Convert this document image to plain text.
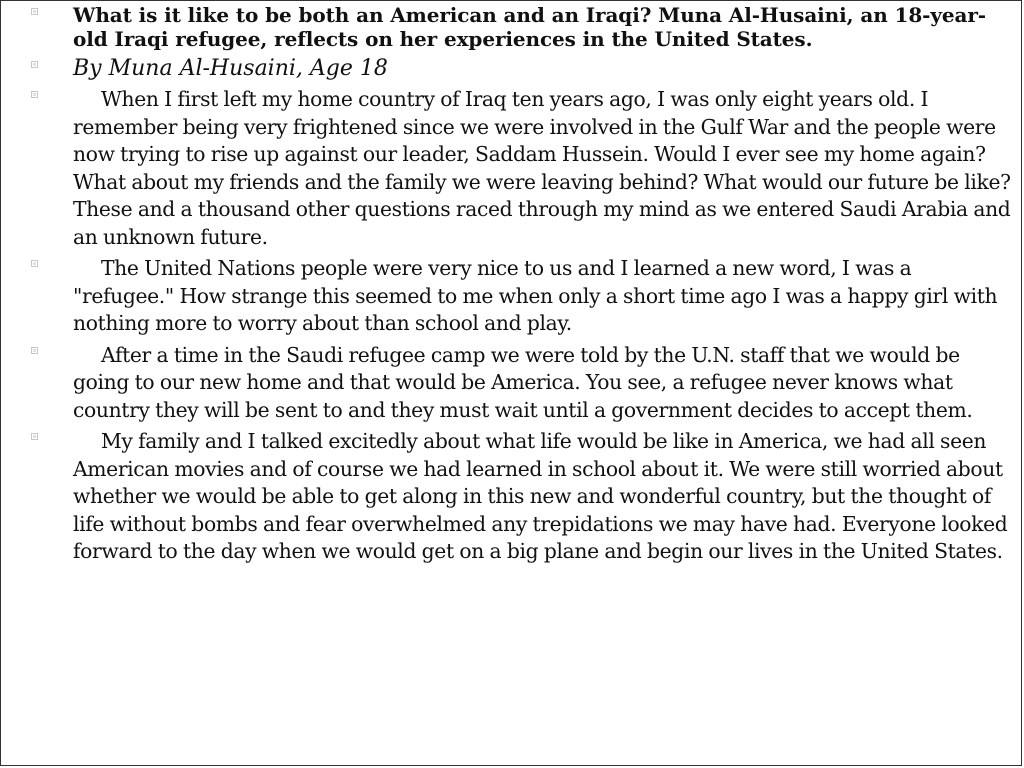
What is it like to be both an American and an Iraqi? Muna Al-Husaini, an 18-year-old Iraqi refugee, reflects on her experiences in the United States.
By Muna Al-Husaini, Age 18
When I first left my home country of Iraq ten years ago, I was only eight years old. I remember being very frightened since we were involved in the Gulf War and the people were now trying to rise up against our leader, Saddam Hussein. Would I ever see my home again? What about my friends and the family we were leaving behind? What would our future be like? These and a thousand other questions raced through my mind as we entered Saudi Arabia and an unknown future.
The United Nations people were very nice to us and I learned a new word, I was a "refugee." How strange this seemed to me when only a short time ago I was a happy girl with nothing more to worry about than school and play.
After a time in the Saudi refugee camp we were told by the U.N. staff that we would be going to our new home and that would be America. You see, a refugee never knows what country they will be sent to and they must wait until a government decides to accept them.
My family and I talked excitedly about what life would be like in America, we had all seen American movies and of course we had learned in school about it. We were still worried about whether we would be able to get along in this new and wonderful country, but the thought of life without bombs and fear overwhelmed any trepidations we may have had. Everyone looked forward to the day when we would get on a big plane and begin our lives in the United States.
